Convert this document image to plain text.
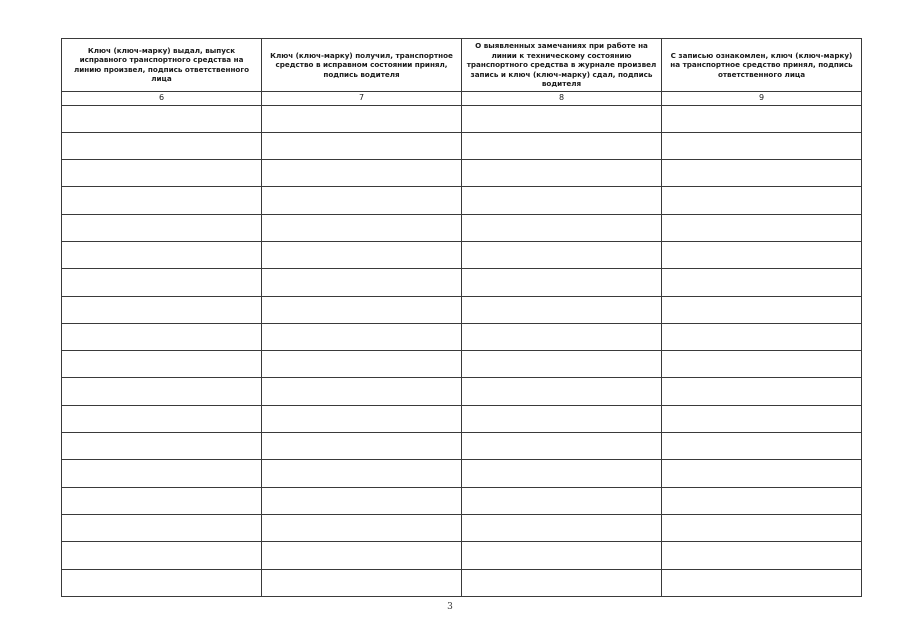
Ключ (ключ-марку) выдал, выпуск исправного транспортного средства на линию произвел, подпись ответственного лица	Ключ (ключ-марку) получил, транспортное средство в исправном состоянии принял, подпись водителя	О выявленных замечаниях при работе на линии к техническому состоянию транспортного средства в журнале произвел запись и ключ (ключ-марку) сдал, подпись водителя	С записью ознакомлен, ключ (ключ-марку) на транспортное средство принял, подпись ответственного лица
6	7	8	9

3
